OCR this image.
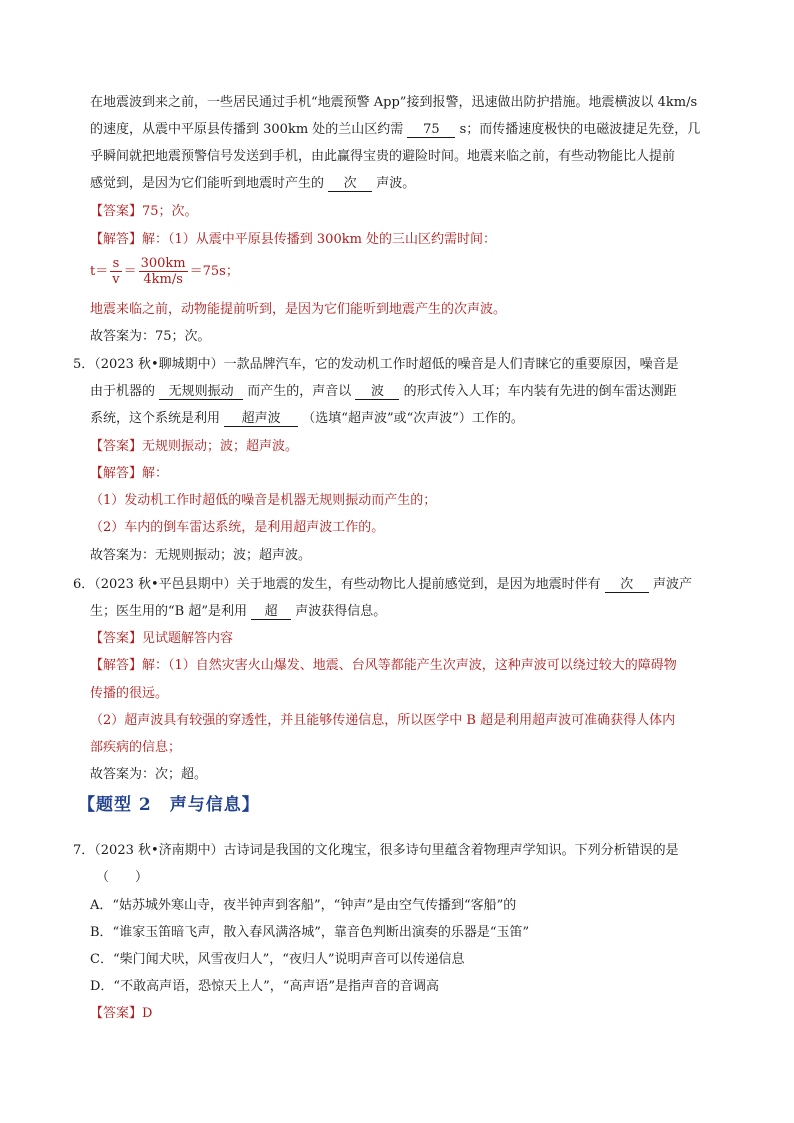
在地震波到来之前，一些居民通过手机“地震预警 App”接到报警，迅速做出防护措施。地震横波以 4km/s
的速度，从震中平原县传播到 300km 处的兰山区约需 75 s；而传播速度极快的电磁波捷足先登，几
乎瞬间就把地震预警信号发送到手机，由此赢得宝贵的避险时间。地震来临之前，有些动物能比人提前
感觉到，是因为它们能听到地震时产生的 次 声波。
【答案】75；次。
【解答】解：（1）从震中平原县传播到 300km 处的三山区约需时间：
$t= \frac{s}{v} = \frac{300km}{4km/s} =75s$；
地震来临之前，动物能提前听到，是因为它们能听到地震产生的次声波。
故答案为：75；次。
5．（2023 秋•聊城期中）一款品牌汽车，它的发动机工作时超低的噪音是人们青睐它的重要原因，噪音是
由于机器的 无规则振动 而产生的，声音以 波 的形式传入人耳；车内装有先进的倒车雷达测距
系统，这个系统是利用 超声波 （选填“超声波”或“次声波”）工作的。
【答案】无规则振动；波；超声波。
【解答】解：
（1）发动机工作时超低的噪音是机器无规则振动而产生的；
（2）车内的倒车雷达系统，是利用超声波工作的。
故答案为：无规则振动；波；超声波。
6．（2023 秋•平邑县期中）关于地震的发生，有些动物比人提前感觉到，是因为地震时伴有 次 声波产
生；医生用的“B 超”是利用 超 声波获得信息。
【答案】见试题解答内容
【解答】解：（1）自然灾害火山爆发、地震、台风等都能产生次声波，这种声波可以绕过较大的障碍物
传播的很远。
（2）超声波具有较强的穿透性，并且能够传递信息，所以医学中 B 超是利用超声波可准确获得人体内
部疾病的信息；
故答案为：次；超。
【题型 2　声与信息】
7．（2023 秋•济南期中）古诗词是我国的文化瑰宝，很多诗句里蕴含着物理声学知识。下列分析错误的是
（　　）
A．“姑苏城外寒山寺，夜半钟声到客船”，“钟声”是由空气传播到“客船”的
B．“谁家玉笛暗飞声，散入春风满洛城”，靠音色判断出演奏的乐器是“玉笛”
C．“柴门闻犬吠，风雪夜归人”，“夜归人”说明声音可以传递信息
D．“不敢高声语，恐惊天上人”，“高声语”是指声音的音调高
【答案】D
